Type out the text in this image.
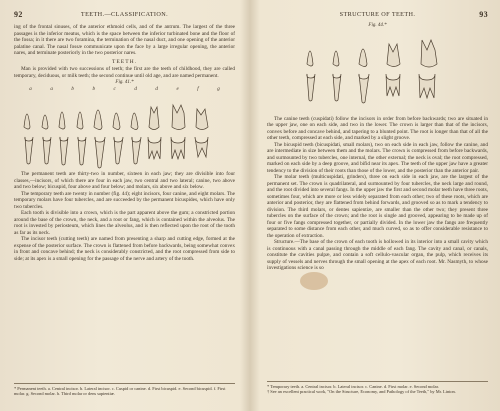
92	TEETH.—CLASSIFICATION.

ing of the frontal sinuses, of the anterior ethmoid cells, and of the antrum. The largest of the three passages is the inferior meatus, which is the space between the inferior turbinated bone and the floor of the fossa; in it there are two foramina, the termination of the nasal duct, and one opening of the anterior palatine canal. The nasal fossæ communicate upon the face by a large irregular opening, the anterior nares, and terminate posteriorly in the two posterior nares.

TEETH.

Man is provided with two successions of teeth; the first are the teeth of childhood, they are called temporary, deciduous, or milk teeth; the second continue until old age, and are named permanent.

Fig. 41.*
a	a	b	b	c	d	d	e	f	g

The permanent teeth are thirty-two in number, sixteen in each jaw; they are divisible into four classes,—incisors, of which there are four in each jaw, two central and two lateral; canine, two above and two below; bicuspid, four above and four below; and molars, six above and six below.

The temporary teeth are twenty in number (fig. 44); eight incisors, four canine, and eight molars. The temporary molars have four tubercles, and are succeeded by the permanent bicuspides, which have only two tubercles.

Each tooth is divisible into a crown, which is the part apparent above the gum; a constricted portion around the base of the crown, the neck, and a root or fang, which is contained within the alveolus. The root is invested by periosteum, which lines the alveolus, and is then reflected upon the root of the tooth as far as its neck.

The incisor teeth (cutting teeth) are named from presenting a sharp and cutting edge, formed at the expense of the posterior surface. The crown is flattened from before backwards, being somewhat convex in front and concave behind; the neck is considerably constricted, and the root compressed from side to side; at its apex is a small opening for the passage of the nerve and artery of the tooth.

* Permanent teeth. a. Central incisor. b. Lateral incisor. c. Cuspid or canine. d. First bicuspid. e. Second bicuspid. f. First molar. g. Second molar. h. Third molar or dens sapientiæ.
STRUCTURE OF TEETH.	93
Fig. 44.*

The canine teeth (cuspidati) follow the incisors in order from before backwards; two are situated in the upper jaw, one on each side, and two in the lower. The crown is larger than that of the incisors, convex before and concave behind, and tapering to a blunted point. The root is longer than that of all the other teeth, compressed at each side, and marked by a slight groove.

The bicuspid teeth (bicuspidati, small molars), two on each side in each jaw, follow the canine, and are intermediate in size between them and the molars. The crown is compressed from before backwards, and surmounted by two tubercles, one internal, the other external; the neck is oval; the root compressed, marked on each side by a deep groove, and bifid near its apex. The teeth of the upper jaw have a greater tendency to the division of their roots than those of the lower, and the posterior than the anterior pair.

The molar teeth (multicuspidati, grinders), three on each side in each jaw, are the largest of the permanent set. The crown is quadrilateral, and surmounted by four tubercles, the neck large and round, and the root divided into several fangs. In the upper jaw the first and second molar teeth have three roots, sometimes four, which are more or less widely separated from each other; two of these roots, which are anterior and posterior, they are flattened from behind forwards, and grooved so as to mark a tendency to division. The third molars, or dentes sapientiæ, are smaller than the other two; they present three tubercles on the surface of the crown; and the root is single and grooved, appearing to be made up of four or five fangs compressed together, or partially divided. In the lower jaw the fangs are frequently separated to some distance from each other, and much curved, so as to offer considerable resistance to the operation of extraction.

Structure.—The base of the crown of each tooth is hollowed in its interior into a small cavity which is continuous with a canal passing through the middle of each fang. The cavity and canal, or canals, constitute the cavities pulpæ, and contain a soft cellulo-vascular organ, the pulp, which receives its supply of vessels and nerves through the small opening at the apex of each root. Mr. Nasmyth, to whose investigations science is so

* Temporary teeth. a. Central incisor. b. Lateral incisor. c. Canine. d. First molar. e. Second molar.
† See an excellent practical work, "On the Structure, Economy, and Pathology of the Teeth," by Mr. Linton.
